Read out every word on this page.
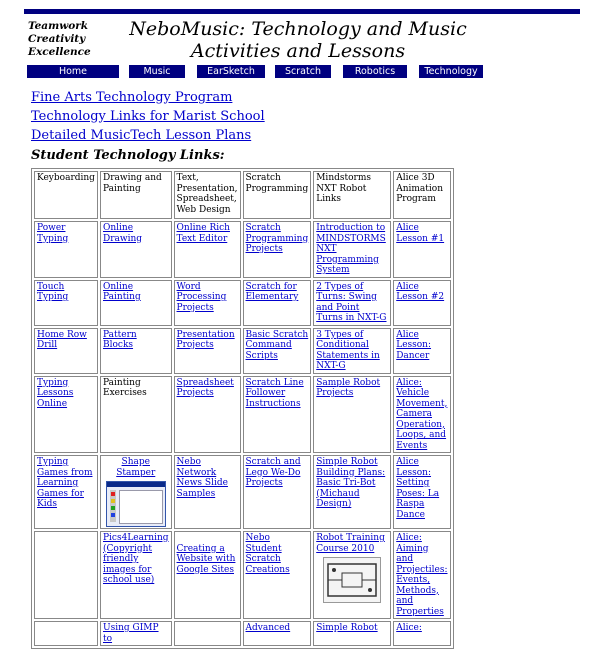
Teamwork
Creativity
Excellence
NeboMusic: Technology and Music
Activities and Lessons
Home	Music	EarSketch	Scratch	Robotics	Technology
Fine Arts Technology Program
Technology Links for Marist School
Detailed MusicTech Lesson Plans
Student Technology Links:
Keyboarding	Drawing and Painting	Text, Presentation, Spreadsheet, Web Design	Scratch Programming	Mindstorms NXT Robot Links	Alice 3D Animation Program
Power Typing	Online Drawing	Online Rich Text Editor	Scratch Programming Projects	Introduction to MINDSTORMS NXT Programming System	Alice Lesson #1
Touch Typing	Online Painting	Word Processing Projects	Scratch for Elementary	2 Types of Turns: Swing and Point Turns in NXT-G	Alice Lesson #2
Home Row Drill	Pattern Blocks	Presentation Projects	Basic Scratch Command Scripts	3 Types of Conditional Statements in NXT-G	Alice Lesson: Dancer
Typing Lessons Online	Painting Exercises	Spreadsheet Projects	Scratch Line Follower Instructions	Sample Robot Projects	Alice: Vehicle Movement, Camera Operation, Loops, and Events
Typing Games from Learning Games for Kids	Shape Stamper	Nebo Network News Slide Samples	Scratch and Lego We-Do Projects	Simple Robot Building Plans: Basic Tri-Bot (Michaud Design)	Alice Lesson: Setting Poses: La Raspa Dance
	Pics4Learning (Copyright friendly images for school use)	Creating a Website with Google Sites	Nebo Student Scratch Creations	Robot Training Course 2010	Alice: Aiming and Projectiles: Events, Methods, and Properties
	Using GIMP to		Advanced	Simple Robot	Alice:
